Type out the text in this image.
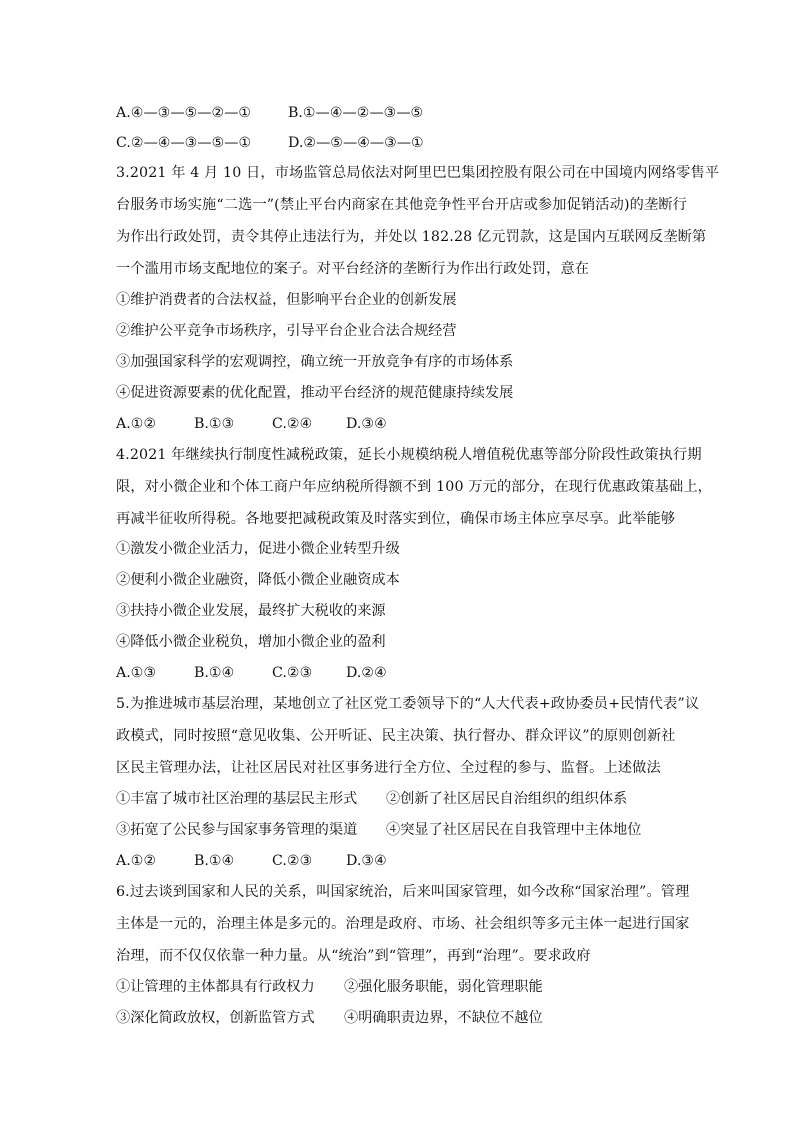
A.④—③—⑤—②—①	B.①—④—②—③—⑤
C.②—④—③—⑤—①	D.②—⑤—④—③—①
3.2021 年 4 月 10 日，市场监管总局依法对阿里巴巴集团控股有限公司在中国境内网络零售平
台服务市场实施“二选一”(禁止平台内商家在其他竞争性平台开店或参加促销活动)的垄断行
为作出行政处罚，责令其停止违法行为，并处以 182.28 亿元罚款，这是国内互联网反垄断第
一个滥用市场支配地位的案子。对平台经济的垄断行为作出行政处罚，意在
①维护消费者的合法权益，但影响平台企业的创新发展
②维护公平竞争市场秩序，引导平台企业合法合规经营
③加强国家科学的宏观调控，确立统一开放竞争有序的市场体系
④促进资源要素的优化配置，推动平台经济的规范健康持续发展
A.①②	B.①③	C.②④ D.③④
4.2021 年继续执行制度性减税政策，延长小规模纳税人增值税优惠等部分阶段性政策执行期
限，对小微企业和个体工商户年应纳税所得额不到 100 万元的部分，在现行优惠政策基础上，
再减半征收所得税。各地要把减税政策及时落实到位，确保市场主体应享尽享。此举能够
①激发小微企业活力，促进小微企业转型升级
②便利小微企业融资，降低小微企业融资成本
③扶持小微企业发展，最终扩大税收的来源
④降低小微企业税负，增加小微企业的盈利
A.①③	B.①④	C.②③ D.②④
5.为推进城市基层治理，某地创立了社区党工委领导下的“人大代表+政协委员+民情代表”议
政模式，同时按照“意见收集、公开听证、民主决策、执行督办、群众评议”的原则创新社
区民主管理办法，让社区居民对社区事务进行全方位、全过程的参与、监督。上述做法
①丰富了城市社区治理的基层民主形式 ②创新了社区居民自治组织的组织体系
③拓宽了公民参与国家事务管理的渠道 ④突显了社区居民在自我管理中主体地位
A.①②	B.①④	C.②③ D.③④
6.过去谈到国家和人民的关系，叫国家统治，后来叫国家管理，如今改称“国家治理”。管理
主体是一元的，治理主体是多元的。治理是政府、市场、社会组织等多元主体一起进行国家
治理，而不仅仅依靠一种力量。从“统治”到“管理”，再到“治理”。要求政府
①让管理的主体都具有行政权力 ②强化服务职能，弱化管理职能
③深化简政放权，创新监管方式 ④明确职责边界，不缺位不越位
